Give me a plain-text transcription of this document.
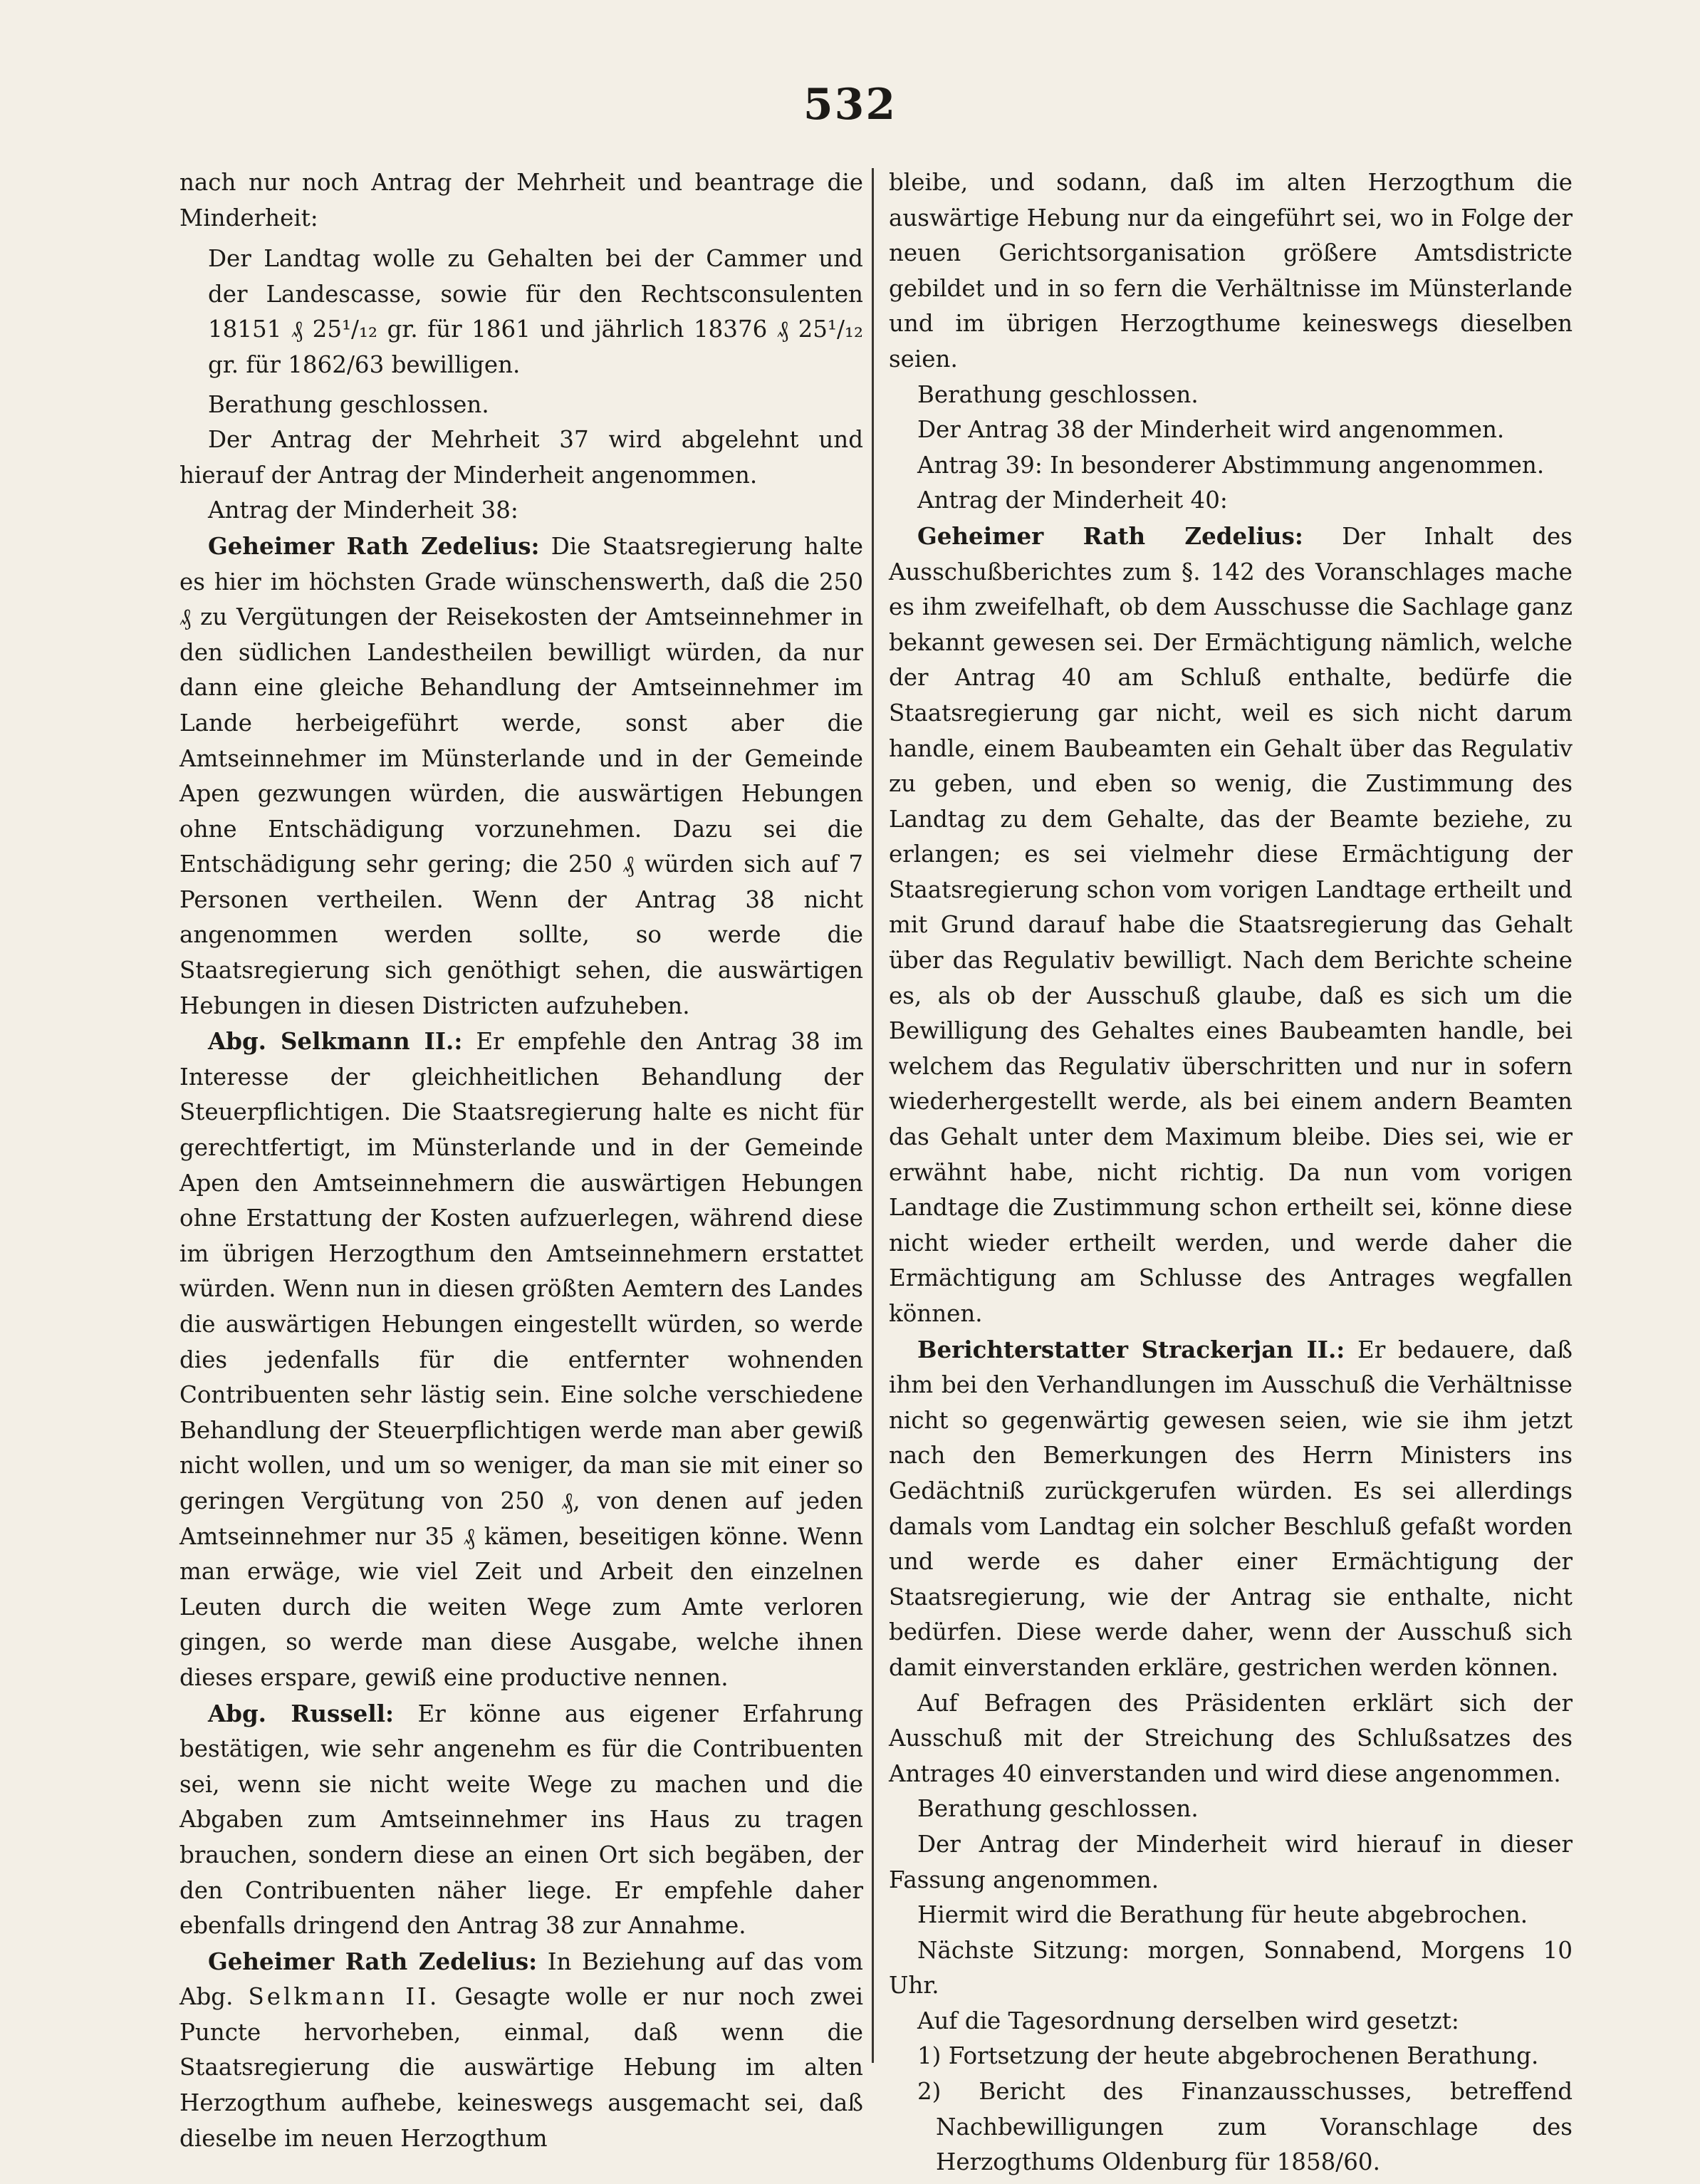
532

nach nur noch Antrag der Mehrheit und beantrage die Minderheit:

Der Landtag wolle zu Gehalten bei der Cammer und der Landescasse, sowie für den Rechtsconsulenten 18151 ₰ 25¹/₁₂ gr. für 1861 und jährlich 18376 ₰ 25¹/₁₂ gr. für 1862/63 bewilligen.

Berathung geschlossen.

Der Antrag der Mehrheit 37 wird abgelehnt und hierauf der Antrag der Minderheit angenommen.

Antrag der Minderheit 38:

Geheimer Rath Zedelius: Die Staatsregierung halte es hier im höchsten Grade wünschenswerth, daß die 250 ₰ zu Vergütungen der Reisekosten der Amtseinnehmer in den südlichen Landestheilen bewilligt würden, da nur dann eine gleiche Behandlung der Amtseinnehmer im Lande herbeigeführt werde, sonst aber die Amtseinnehmer im Münsterlande und in der Gemeinde Apen gezwungen würden, die auswärtigen Hebungen ohne Entschädigung vorzunehmen. Dazu sei die Entschädigung sehr gering; die 250 ₰ würden sich auf 7 Personen vertheilen. Wenn der Antrag 38 nicht angenommen werden sollte, so werde die Staatsregierung sich genöthigt sehen, die auswärtigen Hebungen in diesen Districten aufzuheben.

Abg. Selkmann II.: Er empfehle den Antrag 38 im Interesse der gleichheitlichen Behandlung der Steuerpflichtigen. Die Staatsregierung halte es nicht für gerechtfertigt, im Münsterlande und in der Gemeinde Apen den Amtseinnehmern die auswärtigen Hebungen ohne Erstattung der Kosten aufzuerlegen, während diese im übrigen Herzogthum den Amtseinnehmern erstattet würden. Wenn nun in diesen größten Aemtern des Landes die auswärtigen Hebungen eingestellt würden, so werde dies jedenfalls für die entfernter wohnenden Contribuenten sehr lästig sein. Eine solche verschiedene Behandlung der Steuerpflichtigen werde man aber gewiß nicht wollen, und um so weniger, da man sie mit einer so geringen Vergütung von 250 ₰, von denen auf jeden Amtseinnehmer nur 35 ₰ kämen, beseitigen könne. Wenn man erwäge, wie viel Zeit und Arbeit den einzelnen Leuten durch die weiten Wege zum Amte verloren gingen, so werde man diese Ausgabe, welche ihnen dieses erspare, gewiß eine productive nennen.

Abg. Russell: Er könne aus eigener Erfahrung bestätigen, wie sehr angenehm es für die Contribuenten sei, wenn sie nicht weite Wege zu machen und die Abgaben zum Amtseinnehmer ins Haus zu tragen brauchen, sondern diese an einen Ort sich begäben, der den Contribuenten näher liege. Er empfehle daher ebenfalls dringend den Antrag 38 zur Annahme.

Geheimer Rath Zedelius: In Beziehung auf das vom Abg. Selkmann II. Gesagte wolle er nur noch zwei Puncte hervorheben, einmal, daß wenn die Staatsregierung die auswärtige Hebung im alten Herzogthum aufhebe, keineswegs ausgemacht sei, daß dieselbe im neuen Herzogthum

bleibe, und sodann, daß im alten Herzogthum die auswärtige Hebung nur da eingeführt sei, wo in Folge der neuen Gerichtsorganisation größere Amtsdistricte gebildet und in so fern die Verhältnisse im Münsterlande und im übrigen Herzogthume keineswegs dieselben seien.

Berathung geschlossen.

Der Antrag 38 der Minderheit wird angenommen.

Antrag 39: In besonderer Abstimmung angenommen.

Antrag der Minderheit 40:

Geheimer Rath Zedelius: Der Inhalt des Ausschußberichtes zum §. 142 des Voranschlages mache es ihm zweifelhaft, ob dem Ausschusse die Sachlage ganz bekannt gewesen sei. Der Ermächtigung nämlich, welche der Antrag 40 am Schluß enthalte, bedürfe die Staatsregierung gar nicht, weil es sich nicht darum handle, einem Baubeamten ein Gehalt über das Regulativ zu geben, und eben so wenig, die Zustimmung des Landtag zu dem Gehalte, das der Beamte beziehe, zu erlangen; es sei vielmehr diese Ermächtigung der Staatsregierung schon vom vorigen Landtage ertheilt und mit Grund darauf habe die Staatsregierung das Gehalt über das Regulativ bewilligt. Nach dem Berichte scheine es, als ob der Ausschuß glaube, daß es sich um die Bewilligung des Gehaltes eines Baubeamten handle, bei welchem das Regulativ überschritten und nur in sofern wiederhergestellt werde, als bei einem andern Beamten das Gehalt unter dem Maximum bleibe. Dies sei, wie er erwähnt habe, nicht richtig. Da nun vom vorigen Landtage die Zustimmung schon ertheilt sei, könne diese nicht wieder ertheilt werden, und werde daher die Ermächtigung am Schlusse des Antrages wegfallen können.

Berichterstatter Strackerjan II.: Er bedauere, daß ihm bei den Verhandlungen im Ausschuß die Verhältnisse nicht so gegenwärtig gewesen seien, wie sie ihm jetzt nach den Bemerkungen des Herrn Ministers ins Gedächtniß zurückgerufen würden. Es sei allerdings damals vom Landtag ein solcher Beschluß gefaßt worden und werde es daher einer Ermächtigung der Staatsregierung, wie der Antrag sie enthalte, nicht bedürfen. Diese werde daher, wenn der Ausschuß sich damit einverstanden erkläre, gestrichen werden können.

Auf Befragen des Präsidenten erklärt sich der Ausschuß mit der Streichung des Schlußsatzes des Antrages 40 einverstanden und wird diese angenommen.

Berathung geschlossen.

Der Antrag der Minderheit wird hierauf in dieser Fassung angenommen.

Hiermit wird die Berathung für heute abgebrochen.

Nächste Sitzung: morgen, Sonnabend, Morgens 10 Uhr.

Auf die Tagesordnung derselben wird gesetzt:

1) Fortsetzung der heute abgebrochenen Berathung.

2) Bericht des Finanzausschusses, betreffend Nachbewilligungen zum Voranschlage des Herzogthums Oldenburg für 1858/60.
